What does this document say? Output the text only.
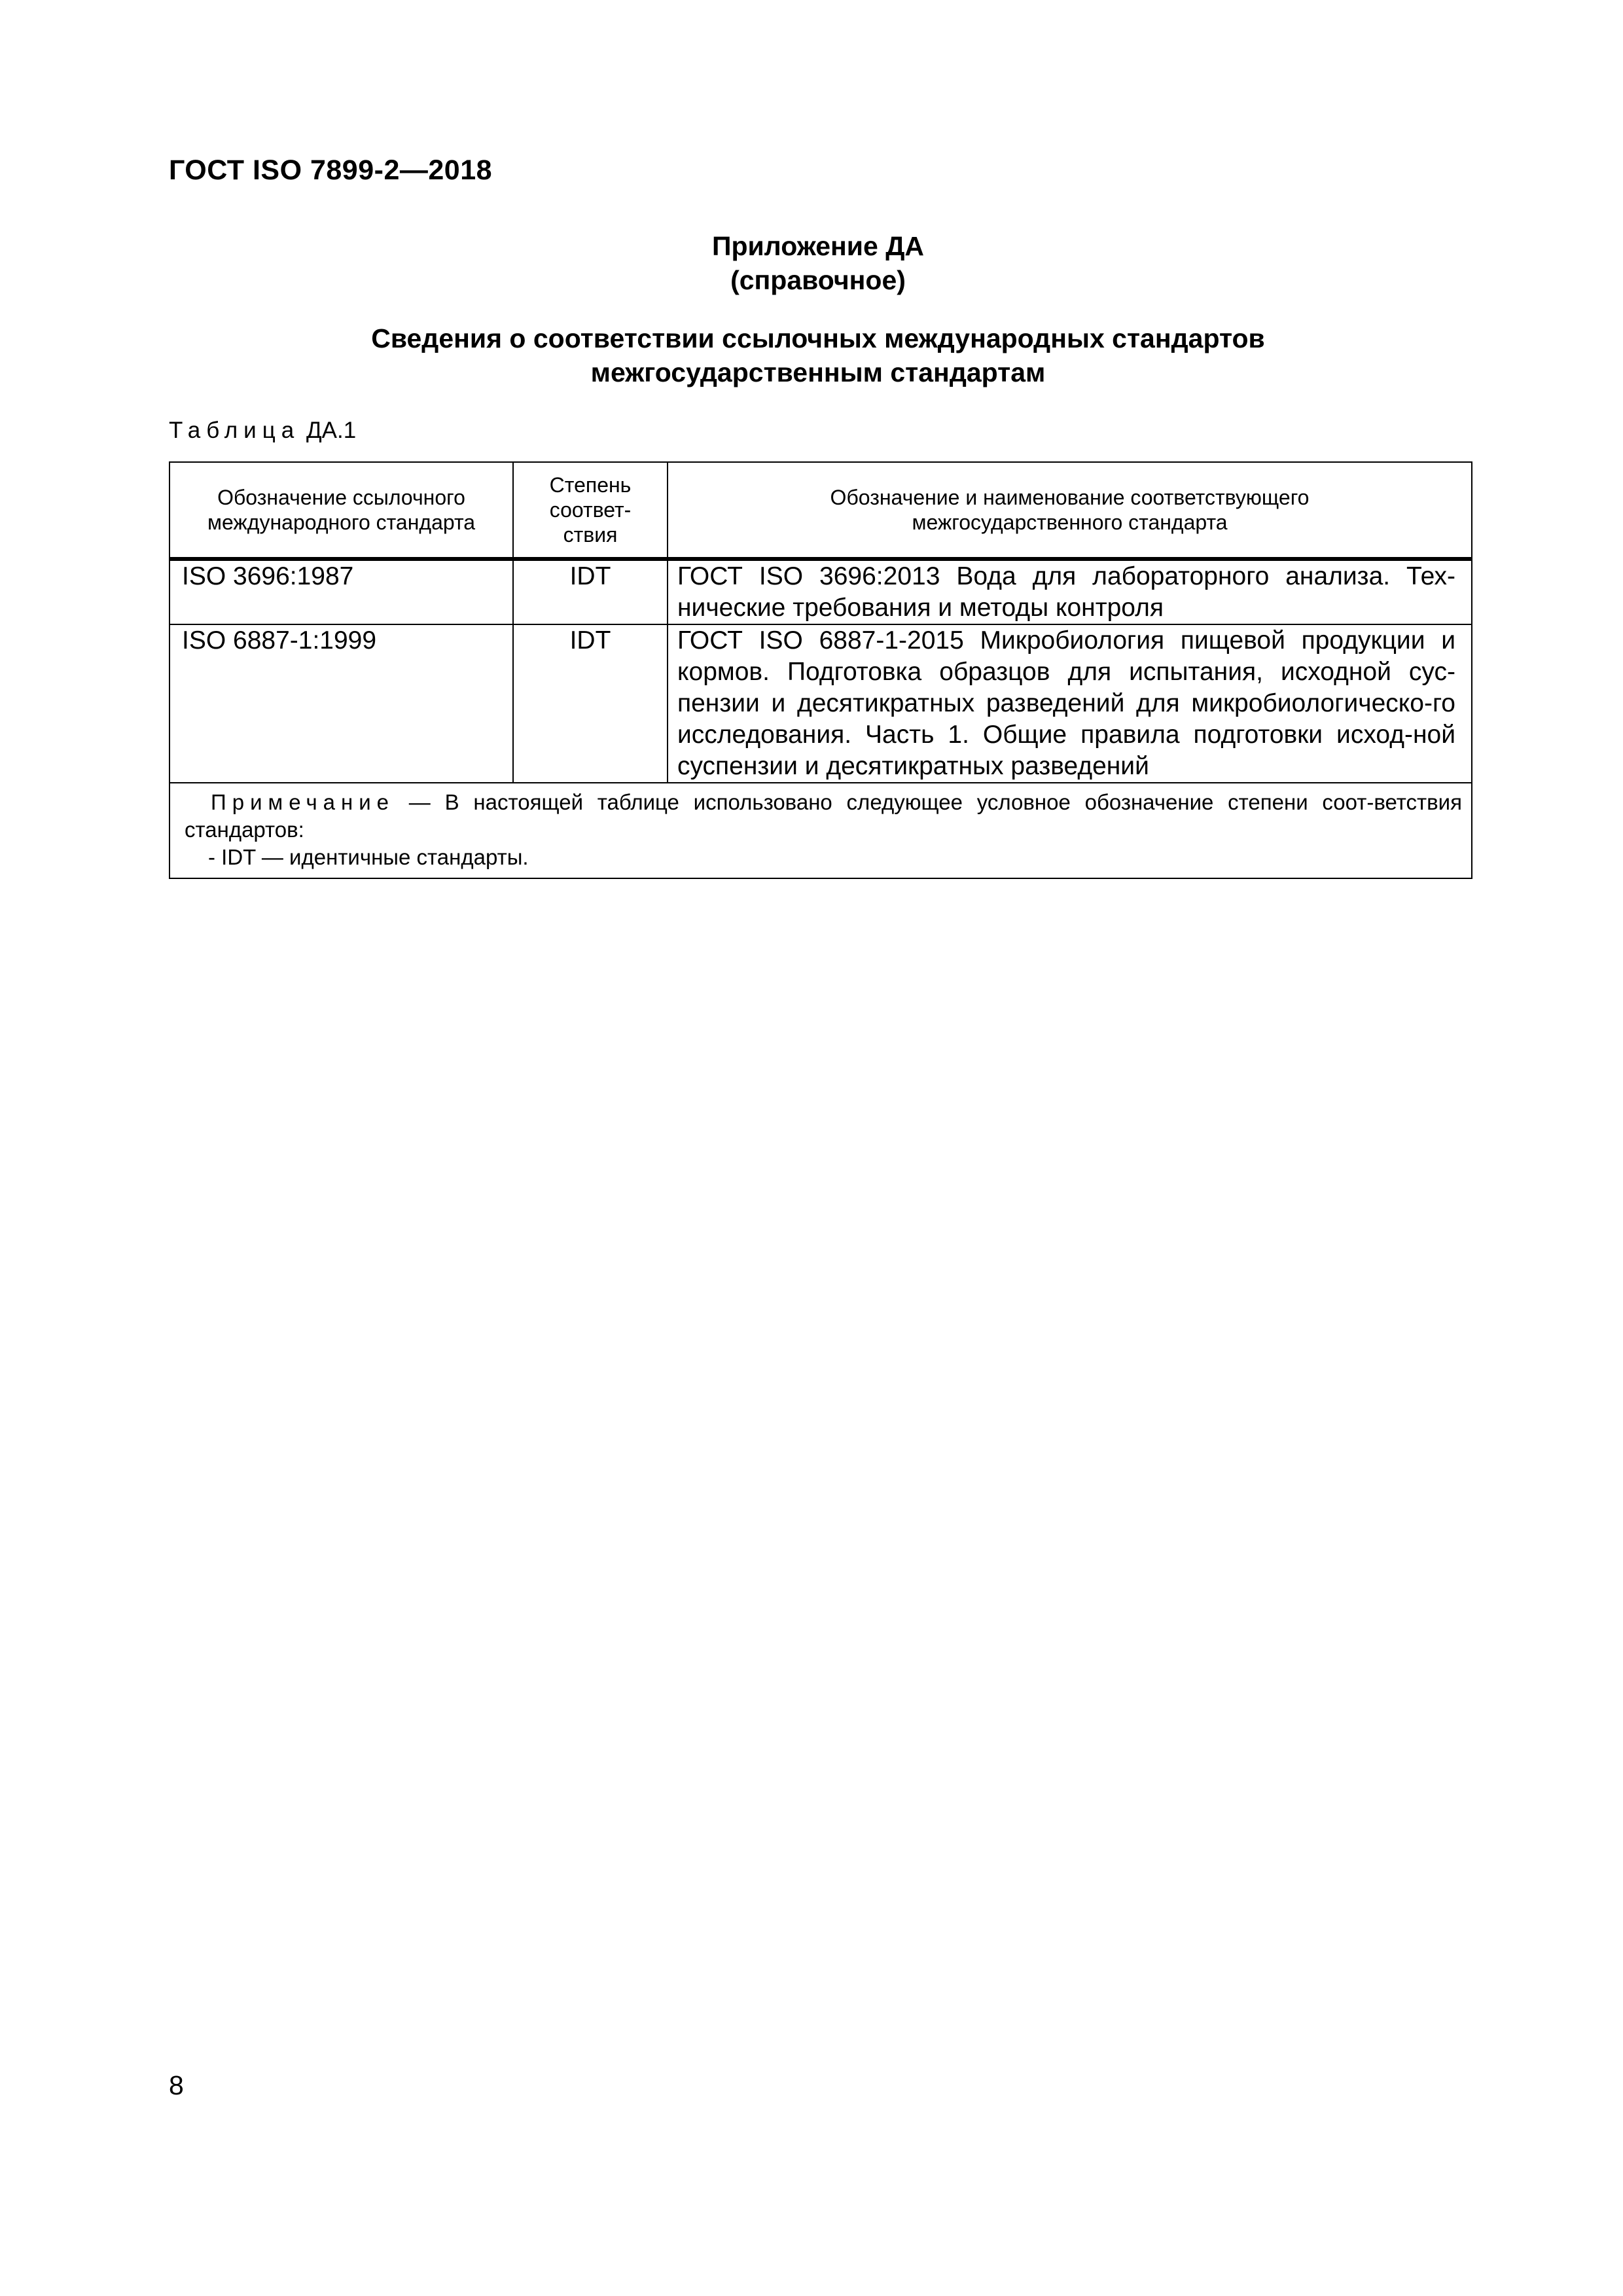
ГОСТ ISO 7899-2—2018
Приложение ДА
(справочное)
Сведения о соответствии ссылочных международных стандартов
межгосударственным стандартам
Таблица ДА.1
Обозначение ссылочного международного стандарта	Степень соответ-ствия	Обозначение и наименование соответствующего межгосударственного стандарта

ISO 3696:1987	IDT	ГОСТ ISO 3696:2013 Вода для лабораторного анализа. Тех-нические требования и методы контроля
ISO 6887-1:1999	IDT	ГОСТ ISO 6887-1-2015 Микробиология пищевой продукции и кормов. Подготовка образцов для испытания, исходной сус-пензии и десятикратных разведений для микробиологическо-го исследования. Часть 1. Общие правила подготовки исход-ной суспензии и десятикратных разведений

Примечание — В настоящей таблице использовано следующее условное обозначение степени соот-ветствия стандартов:
- IDT — идентичные стандарты.		
8
